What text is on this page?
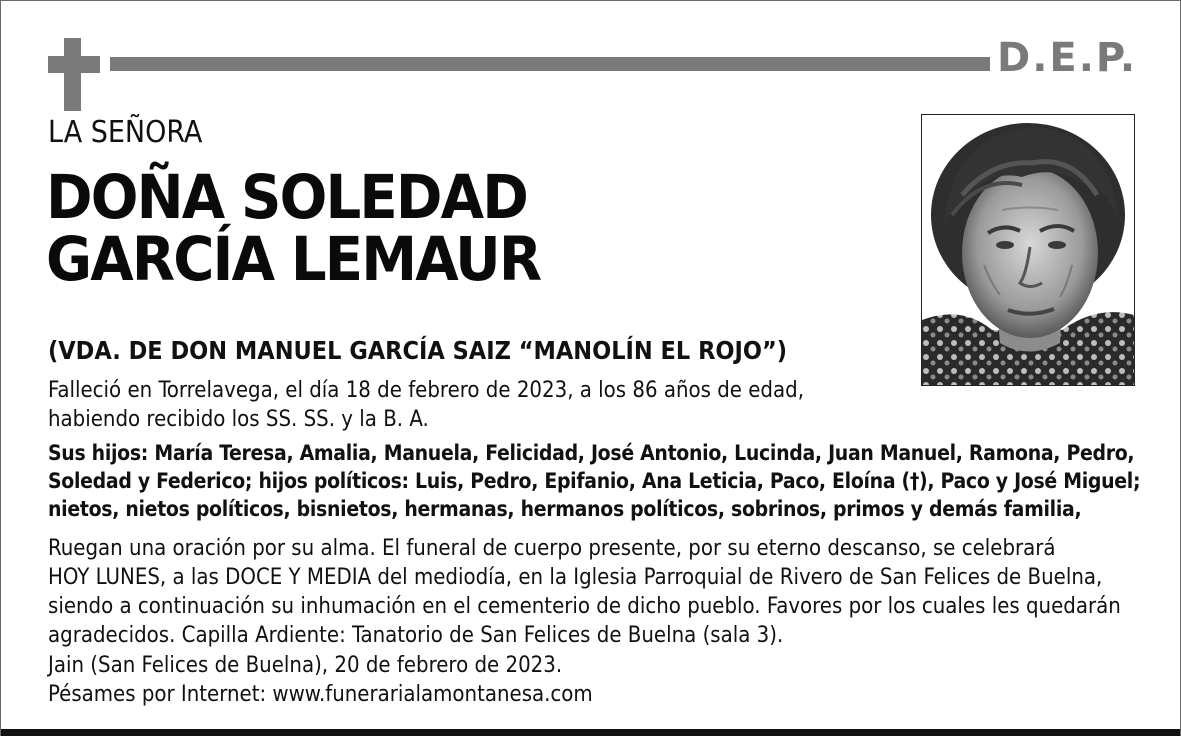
D.E.P.
LA SEÑORA
DOÑA SOLEDAD
GARCÍA LEMAUR
(VDA. DE DON MANUEL GARCÍA SAIZ “MANOLÍN EL ROJO”)
Falleció en Torrelavega, el día 18 de febrero de 2023, a los 86 años de edad,
habiendo recibido los SS. SS. y la B. A.
Sus hijos: María Teresa, Amalia, Manuela, Felicidad, José Antonio, Lucinda, Juan Manuel, Ramona, Pedro,
Soledad y Federico; hijos políticos: Luis, Pedro, Epifanio, Ana Leticia, Paco, Eloína (†), Paco y José Miguel;
nietos, nietos políticos, bisnietos, hermanas, hermanos políticos, sobrinos, primos y demás familia,
Ruegan una oración por su alma. El funeral de cuerpo presente, por su eterno descanso, se celebrará
HOY LUNES, a las DOCE Y MEDIA del mediodía, en la Iglesia Parroquial de Rivero de San Felices de Buelna,
siendo a continuación su inhumación en el cementerio de dicho pueblo. Favores por los cuales les quedarán
agradecidos. Capilla Ardiente: Tanatorio de San Felices de Buelna (sala 3).
Jain (San Felices de Buelna), 20 de febrero de 2023.
Pésames por Internet: www.funerarialamontanesa.com
